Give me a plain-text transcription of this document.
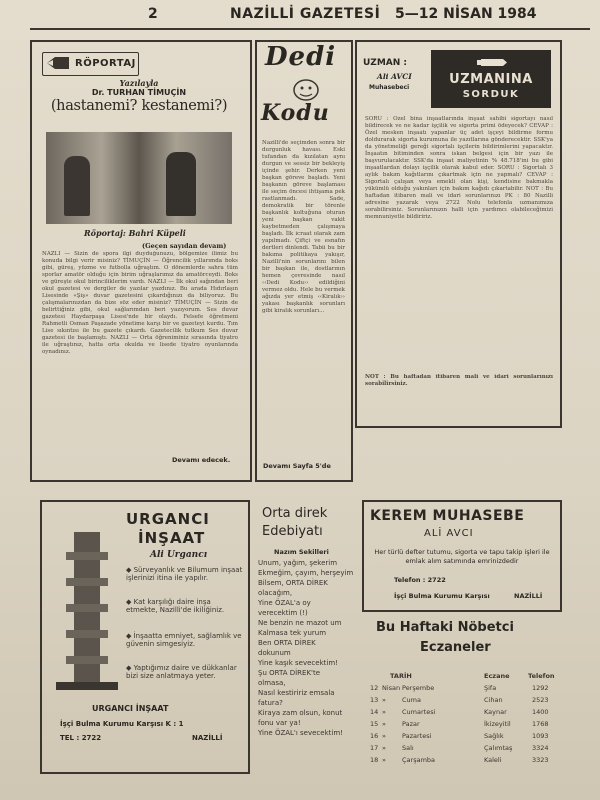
2	NAZİLLİ GAZETESİ 5—12 NİSAN 1984
RÖPORTAJ
Yazılayla
Dr. TURHAN TİMUÇİN
(hastanemi? kestanemi?)
Röportaj: Bahri Küpeli
(Geçen sayıdan devam)
NAZLI — Sizin de spora ilgi duyduğunuzu, bölgemize ilimiz bu konuda bilgi verir misiniz? TİMUÇİN — Öğrencilik yıllarımda boks gibi, güreş, yüzme ve futbolla uğraştım. O dönemlerde sahra tüm sporlar amatör olduğu için birim uğraşlarımız da amatörceydi. Boks ve güreşte okul birinciliklerim vardı. NAZLI — İlk okul sağından beri okul gazetesi ve dergiler de yazılar yazdınız. Bu arada Hıdırlaşın Lisesinde «Şiş» duvar gazetesini çıkardığınızı da biliyoruz. Bu çalışmalarınızdan da bize söz eder misiniz? TİMUÇİN — Sizin de belirttiğiniz gibi, okul sağlarımdan beri yazıyorum. Ses duvar gazetesi Haydarpaşa Lisesi'nde bir olaydı. Felsefe öğretmeni Rahmetli Osman Paşazade yönetime karşı bir ve gazeteyi kurdu. Tım Lise sıkıntısı ile bu gazete çıkardı. Gazetecilik tutkum Ses duvar gazetesi ile başlamıştı. NAZLI — Orta öğreniminiz sırasında tiyatro ile uğraştınız, hatta orta okulda ve lisede tiyatro oyunlarında oynadınız.
Devamı edecek.
Dedi
Kodu
Nazilli'de seçimden sonra bir durgunluk havası. Eski tufandan da kızılatan aynı durgun ve sessiz bir bekleyiş içinde şehir. Derken yeni başkan göreve başladı. Yeni başkanın göreve başlaması ile seçim öncesi ihtişama pek rastlanmadı. Sade, demokratik bir törenle başkanlık koltuğuna oturan yeni başkan vakit kaybetmeden çalışmaya başladı. İlk icraat olarak zam yapılmadı. Çiftçi ve esnafın dertleri dinlendi. Tabii bu bir bakıma politikaya yakışır, Nazilli'nin sorunlarını bilen bir başkan ile, dostlarının hemen çevresinde nasıl ‹‹Dedi Kodu›› edildiğini vermez oldu. Hele bu vermek ağızda yer etmiş ‹‹Kiralık›› yakası başkanlık sorunları gibi kiralık sorunları...
Devamı Sayfa 5'de
UZMAN :
Ali AVCI
Muhasebeci
UZMANINA
SORDUK
SORU : Özel bina inşaatlarında inşaat sahibi sigortayı nasıl bildirecek ve ne kadar işçilik ve sigorta primi ödeyecek? CEVAP : Özel mesken inşaatı yapanlar üç adet işçeyi bildirme formu doldurarak sigorta kurumuna ile yazıtlarına gönderecektir. SSK'ya da yönetmeliği gereği sigortalı işçilerin bildirimlerini yapacaktır. İnşaatın bitiminden sonra iskan belgesi için bir yazı ile başvurulacaktır. SSK'da inşaat maliyetinin % 48.718'ini bu gibi inşaatlardan dolayı işçilik olarak kabul eder. SORU : Sigortalı 3 aylık bakım kağıtlarını çıkartmak için ne yapmalı? CEVAP : Sigortalı çalışan veya emekli olan kişi, kendisine bakmakla yükümlü olduğu yakınları için bakım kağıdı çıkartabilir. NOT : Bu haftadan itibaren mali ve idari sorunlarınızı PK : 80 Nazilli adresine yazarak veya 2722 Nolu telefonla uzmanımıza sorabilirsiniz. Sorunlarınızın halli için yardımcı olabileceğimizi memnuniyetle bildiririz.
NOT : Bu haftadan itibaren mali ve idari sorunlarınızı sorabilirsiniz.
URGANCI
İNŞAAT
Ali Urgancı
◆ Sürveyanlık ve Bilumum inşaat işlerinizi itina ile yapılır.
◆ Kat karşılığı daire inşa etmekte, Nazilli'de ikiliğiniz.
◆ İnşaatta emniyet, sağlamlık ve güvenin simgesiyiz.
◆ Yaptığımız daire ve dükkanlar bizi size anlatmaya yeter.
URGANCI İNŞAAT
İşçi Bulma Kurumu Karşısı K : 1
TEL : 2722	NAZİLLİ
Orta direk
Edebiyatı
Nazım Sekilleri
Unum, yağım, şekerim
Ekmeğim, çayım, herşeyim
Bilsem, ORTA DİREK
olacağım,
Yine ÖZAL'a oy
verecektim (!)
Ne benzin ne mazot um
Kalmasa tek yurum
Ben ORTA DİREK
dokunum
Yine kaşık sevecektim!
Şu ORTA DİREK'te
olmasa,
Nasıl kestiririz emsala
fatura?
Kiraya zam olsun, konut
fonu var ya!
Yine ÖZAL'ı sevecektim!
KEREM MUHASEBE
ALİ AVCI
Her türlü defter tutumu, sigorta ve tapu takip işleri ile emlak alım satımında emrinizdedir
Telefon : 2722
İşçi Bulma Kurumu Karşısı	NAZİLLİ
Bu Haftaki Nöbetci
Eczaneler
TARİH	Eczane	Telefon
12 Nisan Perşembe	Şifa	1292
13 » Cuma	Cihan	2523
14 » Cumartesi	Kaynar	1400
15 » Pazar	İkizeyitil	1768
16 » Pazartesi	Sağlık	1093
17 » Salı	Çalımtaş	3324
18 » Çarşamba	Kaleli	3323
